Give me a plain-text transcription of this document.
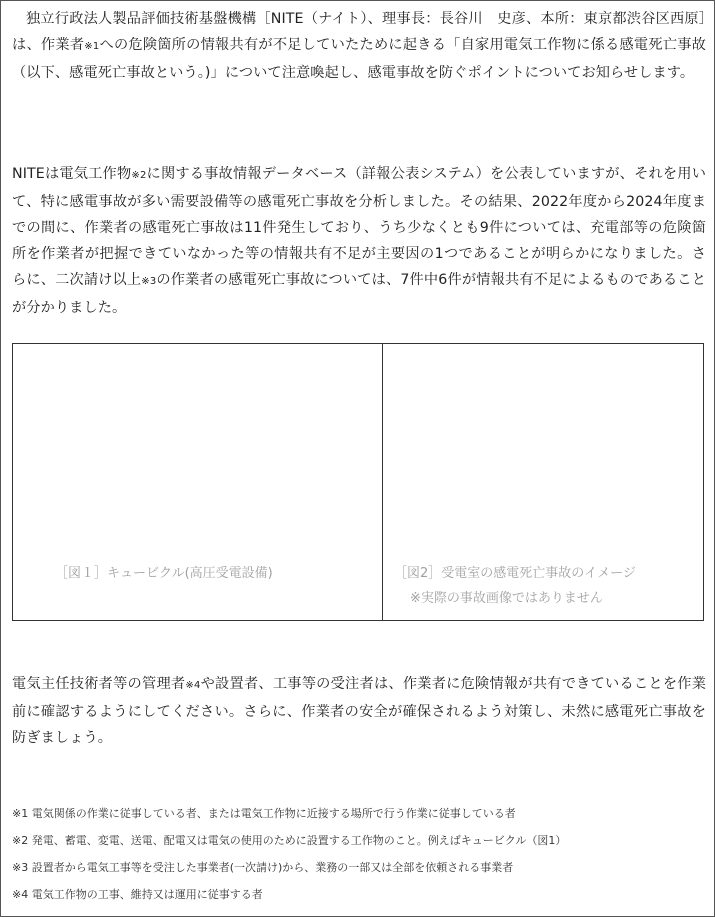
独立行政法人製品評価技術基盤機構［NITE（ナイト）、理事長：長谷川　史彦、本所：東京都渋谷区西原］は、作業者※1への危険箇所の情報共有が不足していたために起きる「自家用電気工作物に係る感電死亡事故（以下、感電死亡事故という。)」について注意喚起し、感電事故を防ぐポイントについてお知らせします。

NITEは電気工作物※2に関する事故情報データベース（詳報公表システム）を公表していますが、それを用いて、特に感電事故が多い需要設備等の感電死亡事故を分析しました。その結果、2022年度から2024年度までの間に、作業者の感電死亡事故は11件発生しており、うち少なくとも9件については、充電部等の危険箇所を作業者が把握できていなかった等の情報共有不足が主要因の1つであることが明らかになりました。さらに、二次請け以上※3の作業者の感電死亡事故については、7件中6件が情報共有不足によるものであることが分かりました。

［図１］キュービクル(高圧受電設備)	［図2］受電室の感電死亡事故のイメージ

※実際の事故画像ではありません

電気主任技術者等の管理者※4や設置者、工事等の受注者は、作業者に危険情報が共有できていることを作業前に確認するようにしてください。さらに、作業者の安全が確保されるよう対策し、未然に感電死亡事故を防ぎましょう。

※1 電気関係の作業に従事している者、または電気工作物に近接する場所で行う作業に従事している者
※2 発電、蓄電、変電、送電、配電又は電気の使用のために設置する工作物のこと。例えばキュービクル（図1）
※3 設置者から電気工事等を受注した事業者(一次請け)から、業務の一部又は全部を依頼される事業者
※4 電気工作物の工事、維持又は運用に従事する者
